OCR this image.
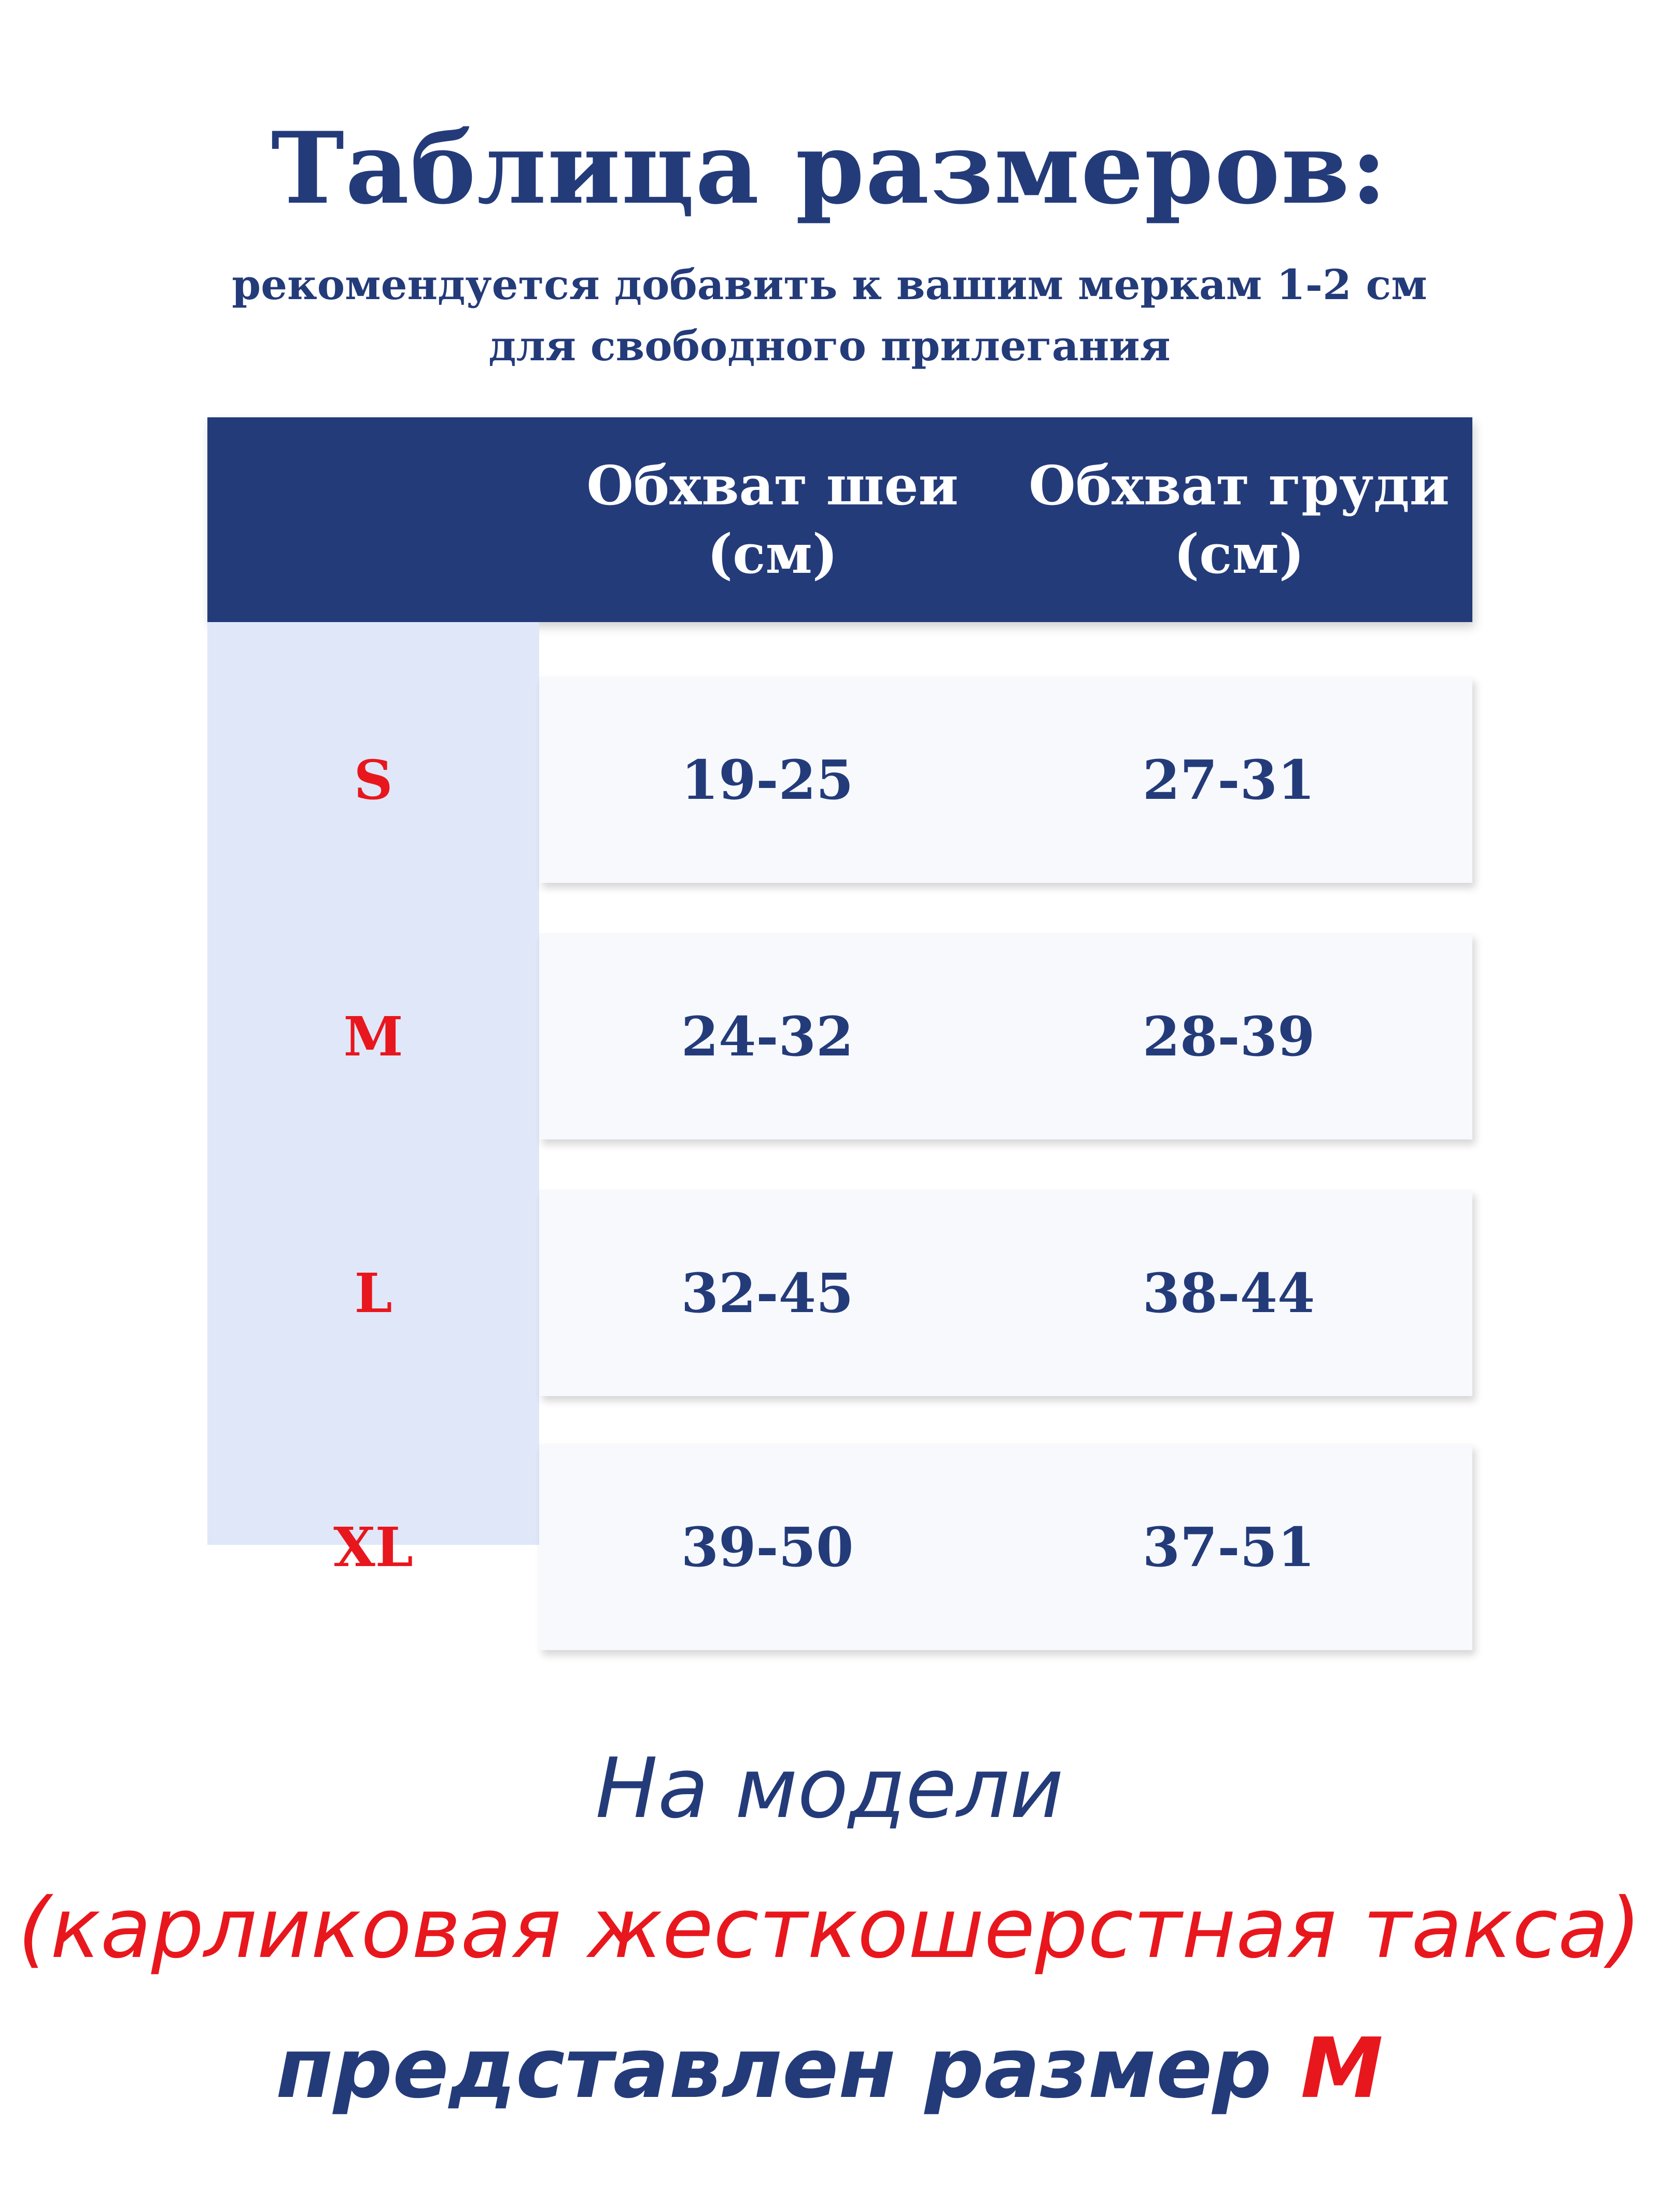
Таблица размеров:
рекомендуется добавить к вашим меркам 1-2 см
для свободного прилегания
Обхват шеи
(см)
Обхват груди
(см)
S	19-25	27-31
M	24-32	28-39
L	32-45	38-44
XL	39-50	37-51
На модели
(карликовая жесткошерстная такса)
представлен размер M
